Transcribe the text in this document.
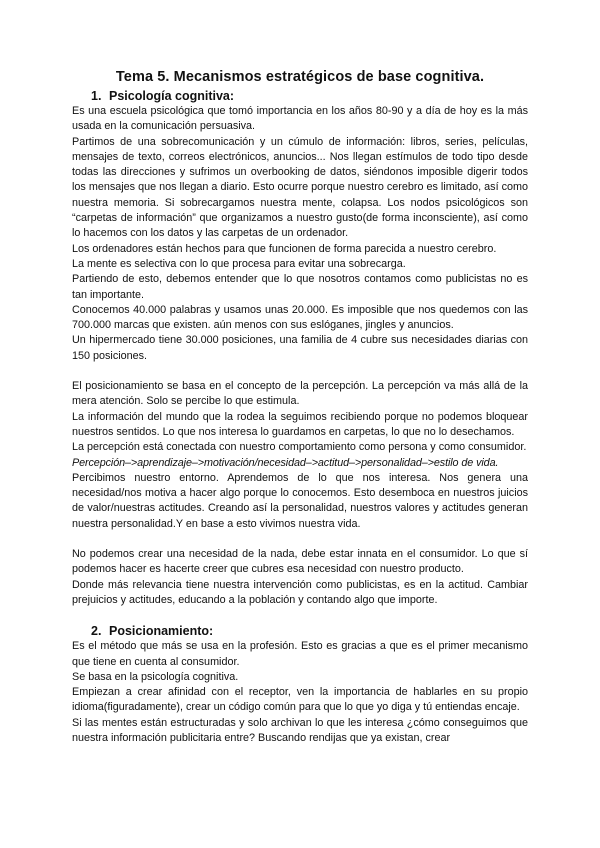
Tema 5. Mecanismos estratégicos de base cognitiva.
1. Psicología cognitiva:

Es una escuela psicológica que tomó importancia en los años 80-90 y a día de hoy es la más usada en la comunicación persuasiva.

Partimos de una sobrecomunicación y un cúmulo de información: libros, series, películas, mensajes de texto, correos electrónicos, anuncios... Nos llegan estímulos de todo tipo desde todas las direcciones y sufrimos un overbooking de datos, siéndonos imposible digerir todos los mensajes que nos llegan a diario. Esto ocurre porque nuestro cerebro es limitado, así como nuestra memoria. Si sobrecargamos nuestra mente, colapsa. Los nodos psicológicos son “carpetas de información” que organizamos a nuestro gusto(de forma inconsciente), así como lo hacemos con los datos y las carpetas de un ordenador.

Los ordenadores están hechos para que funcionen de forma parecida a nuestro cerebro.

La mente es selectiva con lo que procesa para evitar una sobrecarga.

Partiendo de esto, debemos entender que lo que nosotros contamos como publicistas no es tan importante.

Conocemos 40.000 palabras y usamos unas 20.000. Es imposible que nos quedemos con las 700.000 marcas que existen. aún menos con sus eslóganes, jingles y anuncios.

Un hipermercado tiene 30.000 posiciones, una familia de 4 cubre sus necesidades diarias con 150 posiciones.

El posicionamiento se basa en el concepto de la percepción. La percepción va más allá de la mera atención. Solo se percibe lo que estimula.

La información del mundo que la rodea la seguimos recibiendo porque no podemos bloquear nuestros sentidos. Lo que nos interesa lo guardamos en carpetas, lo que no lo desechamos.

La percepción está conectada con nuestro comportamiento como persona y como consumidor.

Percepción–>aprendizaje–>motivación/necesidad–>actitud–>personalidad–>estilo de vida.

Percibimos nuestro entorno. Aprendemos de lo que nos interesa. Nos genera una necesidad/nos motiva a hacer algo porque lo conocemos. Esto desemboca en nuestros juicios de valor/nuestras actitudes. Creando así la personalidad, nuestros valores y actitudes generan nuestra personalidad.Y en base a esto vivimos nuestra vida.

No podemos crear una necesidad de la nada, debe estar innata en el consumidor. Lo que sí podemos hacer es hacerte creer que cubres esa necesidad con nuestro producto.

Donde más relevancia tiene nuestra intervención como publicistas, es en la actitud. Cambiar prejuicios y actitudes, educando a la población y contando algo que importe.

2. Posicionamiento:

Es el método que más se usa en la profesión. Esto es gracias a que es el primer mecanismo que tiene en cuenta al consumidor.

Se basa en la psicología cognitiva.

Empiezan a crear afinidad con el receptor, ven la importancia de hablarles en su propio idioma(figuradamente), crear un código común para que lo que yo diga y tú entiendas encaje.

Si las mentes están estructuradas y solo archivan lo que les interesa ¿cómo conseguimos que nuestra información publicitaria entre? Buscando rendijas que ya existan, crear
